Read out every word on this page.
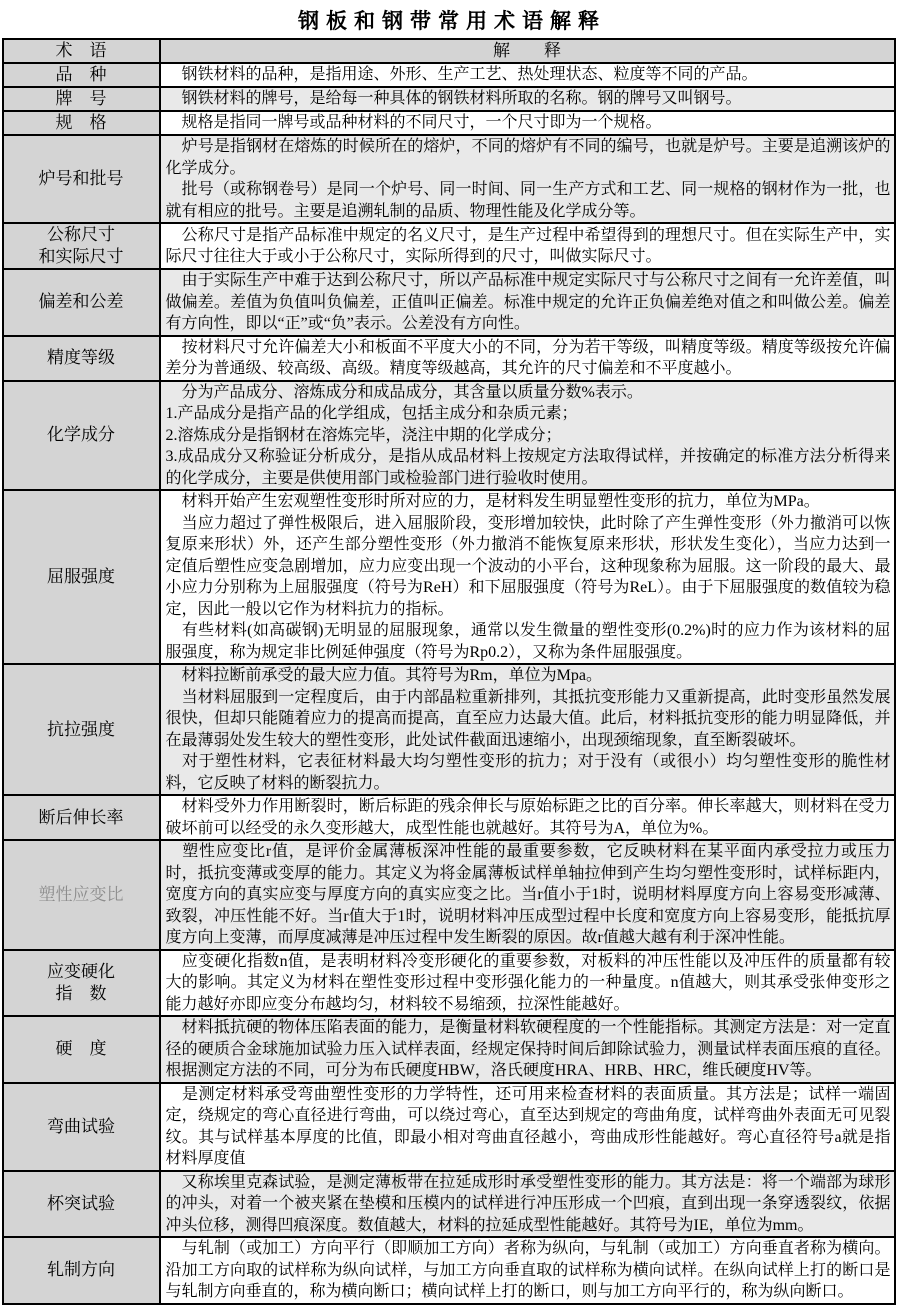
钢板和钢带常用术语解释
术　语	解　　释

品　种	　钢铁材料的品种，是指用途、外形、生产工艺、热处理状态、粒度等不同的产品。

牌　号	　钢铁材料的牌号，是给每一种具体的钢铁材料所取的名称。钢的牌号又叫钢号。

规　格	　规格是指同一牌号或品种材料的不同尺寸，一个尺寸即为一个规格。

炉号和批号	　炉号是指钢材在熔炼的时候所在的熔炉，不同的熔炉有不同的编号，也就是炉号。主要是追溯该炉的化学成分。

　批号（或称钢卷号）是同一个炉号、同一时间、同一生产方式和工艺、同一规格的钢材作为一批，也就有相应的批号。主要是追溯轧制的品质、物理性能及化学成分等。

公称尺寸
和实际尺寸	　公称尺寸是指产品标准中规定的名义尺寸，是生产过程中希望得到的理想尺寸。但在实际生产中，实际尺寸往往大于或小于公称尺寸，实际所得到的尺寸，叫做实际尺寸。

偏差和公差	　由于实际生产中难于达到公称尺寸，所以产品标准中规定实际尺寸与公称尺寸之间有一允许差值，叫做偏差。差值为负值叫负偏差，正值叫正偏差。标准中规定的允许正负偏差绝对值之和叫做公差。偏差有方向性，即以“正”或“负”表示。公差没有方向性。

精度等级	　按材料尺寸允许偏差大小和板面不平度大小的不同，分为若干等级，叫精度等级。精度等级按允许偏差分为普通级、较高级、高级。精度等级越高，其允许的尺寸偏差和不平度越小。

化学成分	　分为产品成分、溶炼成分和成品成分，其含量以质量分数%表示。

1.产品成分是指产品的化学组成，包括主成分和杂质元素；

2.溶炼成分是指钢材在溶炼完毕，浇注中期的化学成分；

3.成品成分又称验证分析成分，是指从成品材料上按规定方法取得试样，并按确定的标准方法分析得来的化学成分，主要是供使用部门或检验部门进行验收时使用。

屈服强度	　材料开始产生宏观塑性变形时所对应的力，是材料发生明显塑性变形的抗力，单位为MPa。

　当应力超过了弹性极限后，进入屈服阶段，变形增加较快，此时除了产生弹性变形（外力撤消可以恢复原来形状）外，还产生部分塑性变形（外力撤消不能恢复原来形状，形状发生变化），当应力达到一定值后塑性应变急剧增加，应力应变出现一个波动的小平台，这种现象称为屈服。这一阶段的最大、最小应力分别称为上屈服强度（符号为ReH）和下屈服强度（符号为ReL）。由于下屈服强度的数值较为稳定，因此一般以它作为材料抗力的指标。

　有些材料(如高碳钢)无明显的屈服现象，通常以发生微量的塑性变形(0.2%)时的应力作为该材料的屈服强度，称为规定非比例延伸强度（符号为Rp0.2），又称为条件屈服强度。

抗拉强度	　材料拉断前承受的最大应力值。其符号为Rm，单位为Mpa。

　当材料屈服到一定程度后，由于内部晶粒重新排列，其抵抗变形能力又重新提高，此时变形虽然发展很快，但却只能随着应力的提高而提高，直至应力达最大值。此后，材料抵抗变形的能力明显降低，并在最薄弱处发生较大的塑性变形，此处试件截面迅速缩小，出现颈缩现象，直至断裂破坏。

　对于塑性材料，它表征材料最大均匀塑性变形的抗力；对于没有（或很小）均匀塑性变形的脆性材料，它反映了材料的断裂抗力。

断后伸长率	　材料受外力作用断裂时，断后标距的残余伸长与原始标距之比的百分率。伸长率越大，则材料在受力破坏前可以经受的永久变形越大，成型性能也就越好。其符号为A，单位为%。

塑性应变比	　塑性应变比r值，是评价金属薄板深冲性能的最重要参数，它反映材料在某平面内承受拉力或压力时，抵抗变薄或变厚的能力。其定义为将金属薄板试样单轴拉伸到产生均匀塑性变形时，试样标距内，宽度方向的真实应变与厚度方向的真实应变之比。当r值小于1时，说明材料厚度方向上容易变形减薄、致裂，冲压性能不好。当r值大于1时，说明材料冲压成型过程中长度和宽度方向上容易变形，能抵抗厚度方向上变薄，而厚度减薄是冲压过程中发生断裂的原因。故r值越大越有利于深冲性能。

应变硬化
指　数	　应变硬化指数n值，是表明材料冷变形硬化的重要参数，对板料的冲压性能以及冲压件的质量都有较大的影响。其定义为材料在塑性变形过程中变形强化能力的一种量度。n值越大，则其承受张伸变形之能力越好亦即应变分布越均匀，材料较不易缩颈，拉深性能越好。

硬　度	　材料抵抗硬的物体压陷表面的能力，是衡量材料软硬程度的一个性能指标。其测定方法是：对一定直径的硬质合金球施加试验力压入试样表面，经规定保持时间后卸除试验力，测量试样表面压痕的直径。根据测定方法的不同，可分为布氏硬度HBW，洛氏硬度HRA、HRB、HRC，维氏硬度HV等。

弯曲试验	　是测定材料承受弯曲塑性变形的力学特性，还可用来检查材料的表面质量。其方法是；试样一端固定，绕规定的弯心直径进行弯曲，可以绕过弯心，直至达到规定的弯曲角度，试样弯曲外表面无可见裂纹。其与试样基本厚度的比值，即最小相对弯曲直径越小，弯曲成形性能越好。弯心直径符号a就是指材料厚度值

杯突试验	　又称埃里克森试验，是测定薄板带在拉延成形时承受塑性变形的能力。其方法是：将一个端部为球形的冲头，对着一个被夹紧在垫模和压模内的试样进行冲压形成一个凹痕，直到出现一条穿透裂纹，依据冲头位移，测得凹痕深度。数值越大，材料的拉延成型性能越好。其符号为IE，单位为mm。

轧制方向	　与轧制（或加工）方向平行（即顺加工方向）者称为纵向，与轧制（或加工）方向垂直者称为横向。沿加工方向取的试样称为纵向试样，与加工方向垂直取的试样称为横向试样。在纵向试样上打的断口是与轧制方向垂直的，称为横向断口；横向试样上打的断口，则与加工方向平行的，称为纵向断口。
